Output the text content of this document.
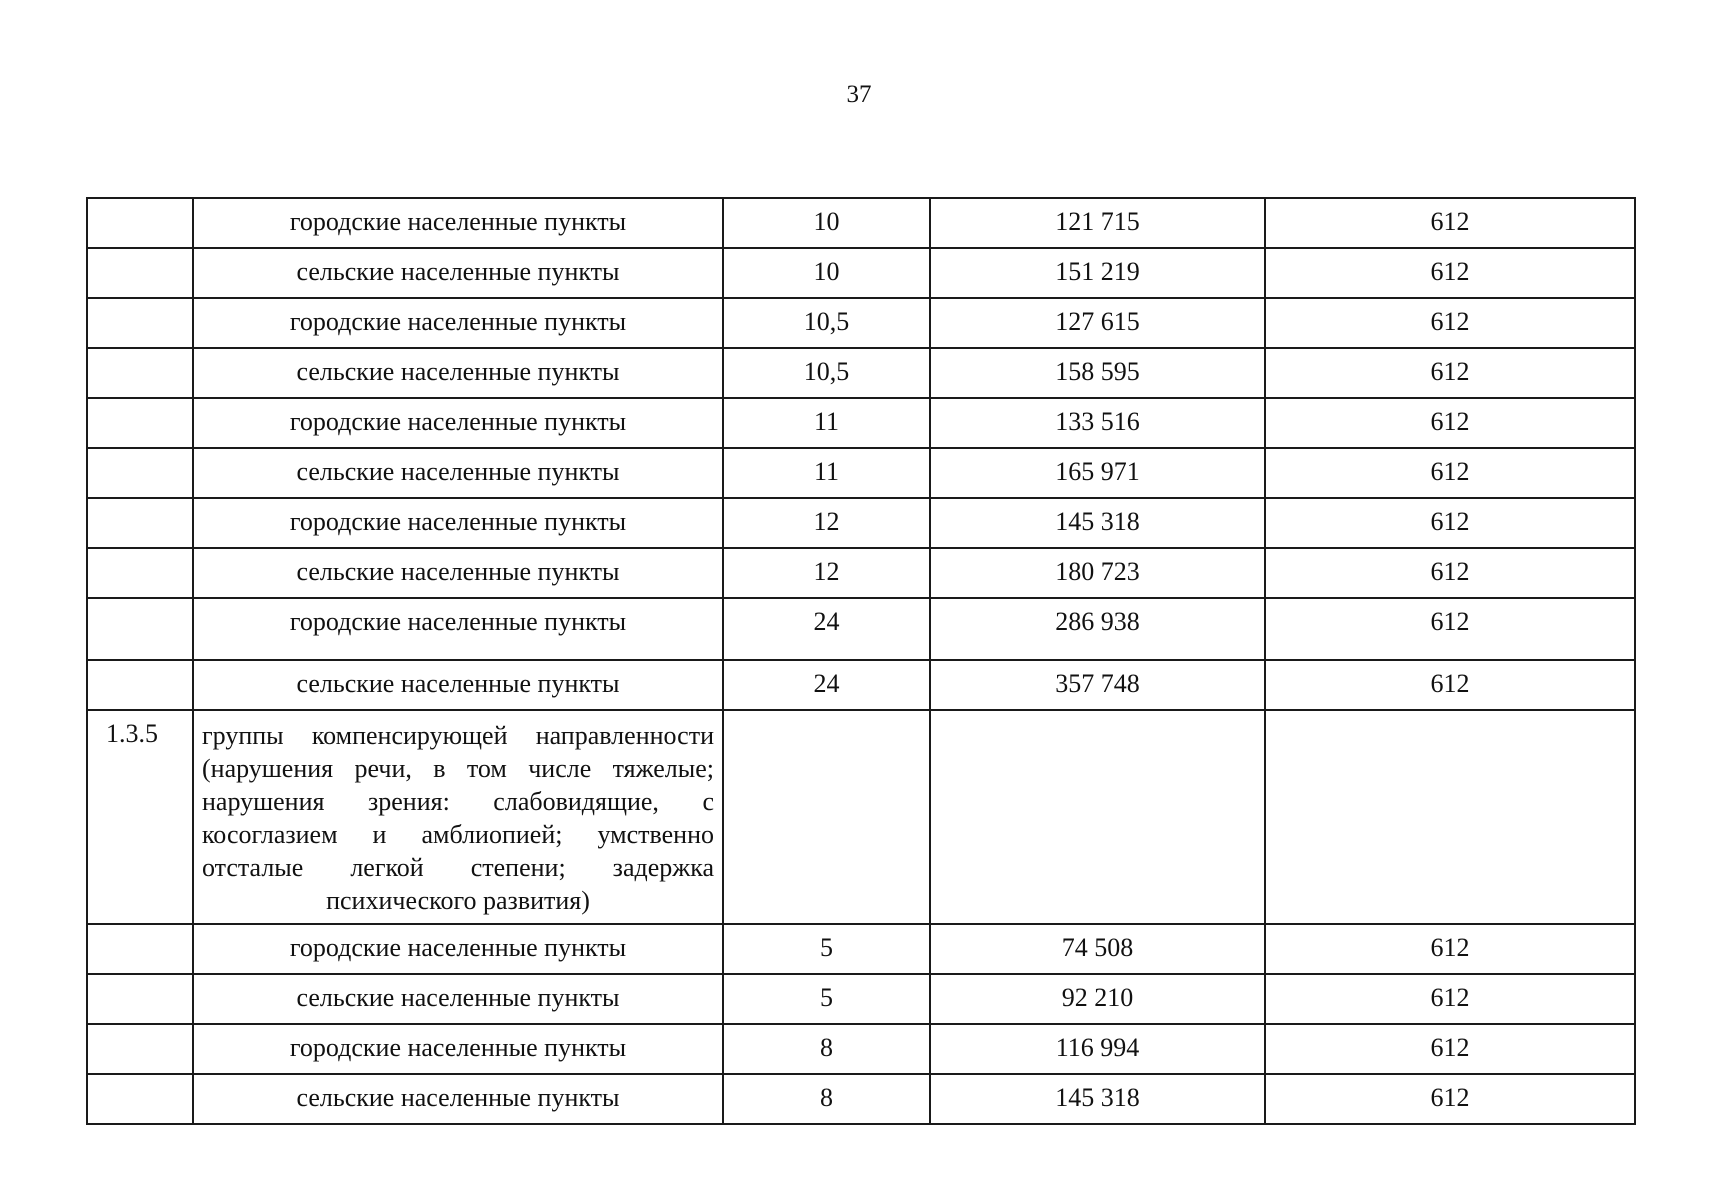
37
	городские населенные пункты	10	121 715	612
	сельские населенные пункты	10	151 219	612
	городские населенные пункты	10,5	127 615	612
	сельские населенные пункты	10,5	158 595	612
	городские населенные пункты	11	133 516	612
	сельские населенные пункты	11	165 971	612
	городские населенные пункты	12	145 318	612
	сельские населенные пункты	12	180 723	612
	городские населенные пункты	24	286 938	612
	сельские населенные пункты	24	357 748	612
1.3.5	группы компенсирующей направленности (нарушения речи, в том числе тяжелые; нарушения зрения: слабовидящие, с косоглазием и амблиопией; умственно отсталые легкой степени; задержка психического развития)			
	городские населенные пункты	5	74 508	612
	сельские населенные пункты	5	92 210	612
	городские населенные пункты	8	116 994	612
	сельские населенные пункты	8	145 318	612
